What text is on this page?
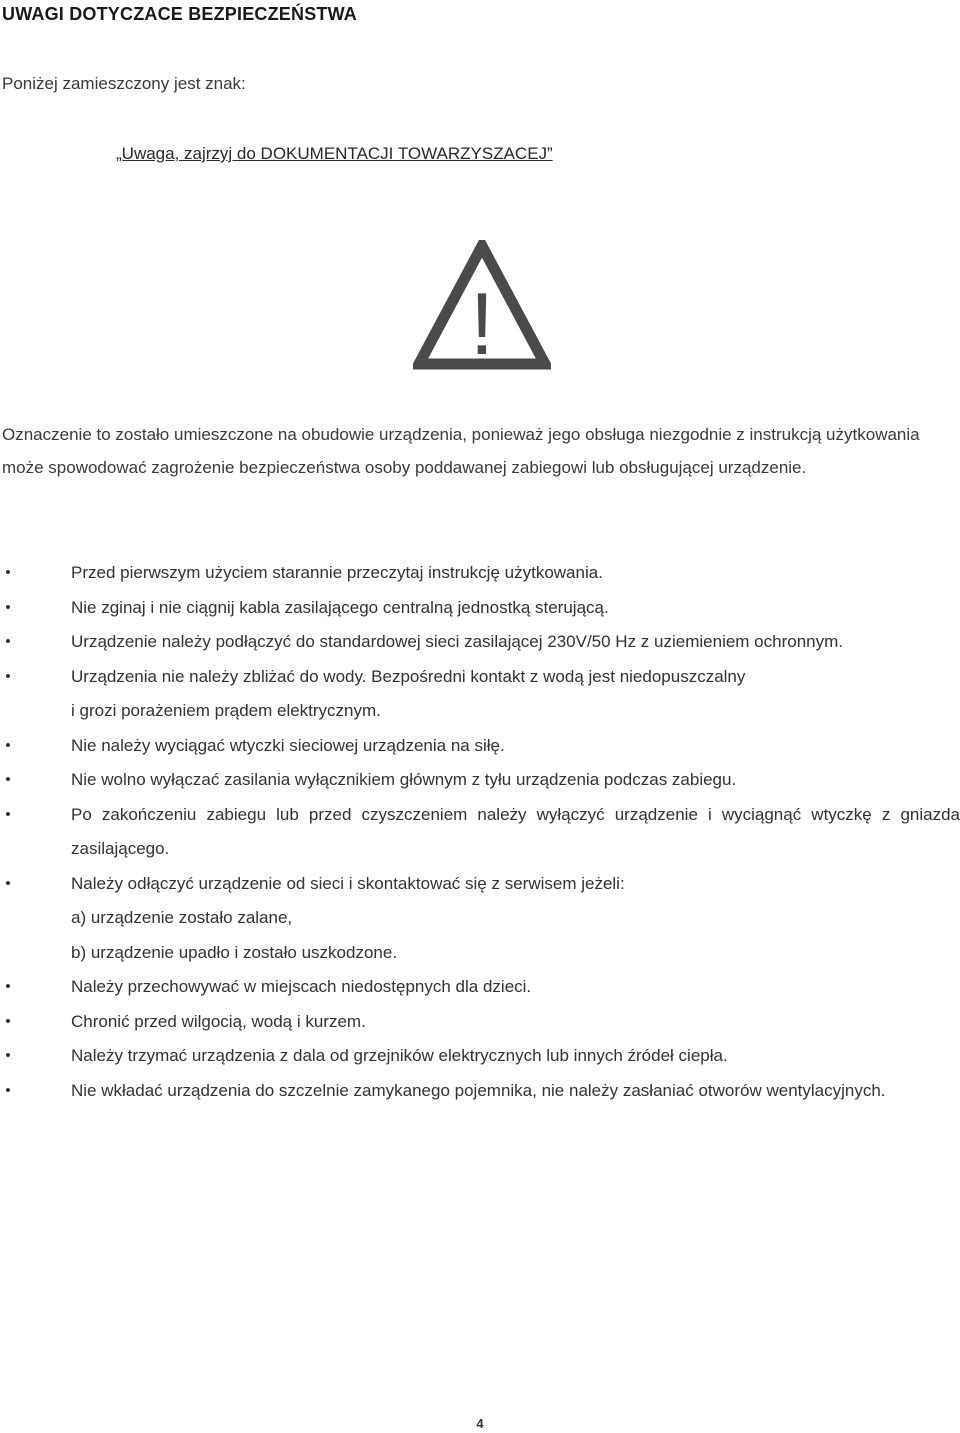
UWAGI DOTYCZACE BEZPIECZEŃSTWA
Poniżej zamieszczony jest znak:
„Uwaga, zajrzyj do DOKUMENTACJI TOWARZYSZACEJ”
!

Oznaczenie to zostało umieszczone na obudowie urządzenia, ponieważ jego obsługa niezgodnie z instrukcją użytkowania
może spowodować zagrożenie bezpieczeństwa osoby poddawanej zabiegowi lub obsługującej urządzenie.

•	Przed pierwszym użyciem starannie przeczytaj instrukcję użytkowania.
•	Nie zginaj i nie ciągnij kabla zasilającego centralną jednostką sterującą.
•	Urządzenie należy podłączyć do standardowej sieci zasilającej 230V/50 Hz z uziemieniem ochronnym.
•	Urządzenia nie należy zbliżać do wody. Bezpośredni kontakt z wodą jest niedopuszczalny
i grozi porażeniem prądem elektrycznym.
•	Nie należy wyciągać wtyczki sieciowej urządzenia na siłę.
•	Nie wolno wyłączać zasilania wyłącznikiem głównym z tyłu urządzenia podczas zabiegu.
•	Po zakończeniu zabiegu lub przed czyszczeniem należy wyłączyć urządzenie i wyciągnąć wtyczkę z gniazda
zasilającego.
•	Należy odłączyć urządzenie od sieci i skontaktować się z serwisem jeżeli:
a) urządzenie zostało zalane,
b) urządzenie upadło i zostało uszkodzone.
•	Należy przechowywać w miejscach niedostępnych dla dzieci.
•	Chronić przed wilgocią, wodą i kurzem.
•	Należy trzymać urządzenia z dala od grzejników elektrycznych lub innych źródeł ciepła.
•	Nie wkładać urządzenia do szczelnie zamykanego pojemnika, nie należy zasłaniać otworów wentylacyjnych.
4
